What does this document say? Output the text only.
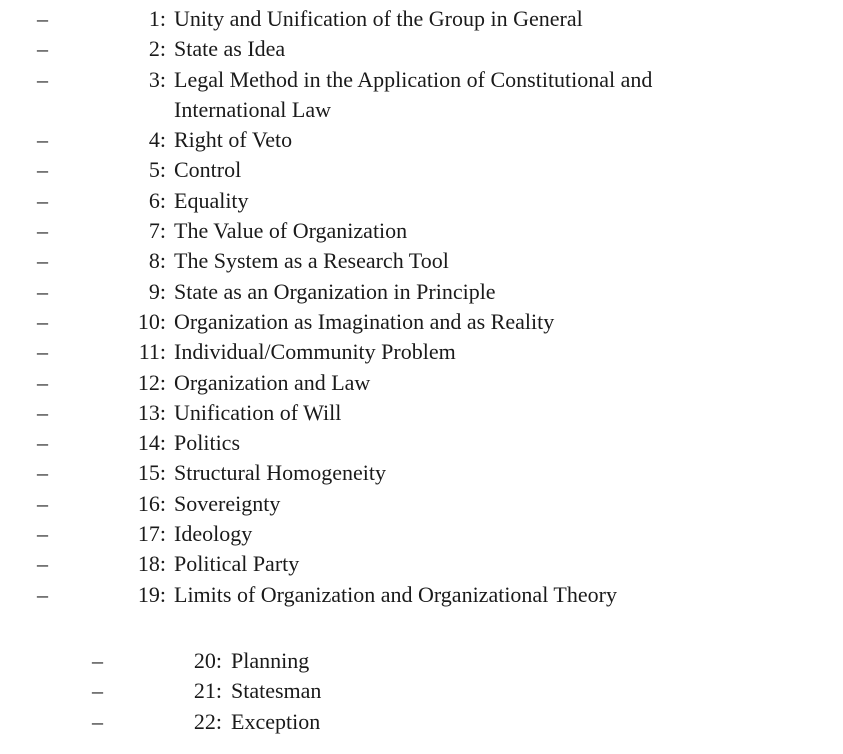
–	1: Unity and Unification of the Group in General
–	2: State as Idea
–	3: Legal Method in the Application of Constitutional and International Law
–	4: Right of Veto
–	5: Control
–	6: Equality
–	7: The Value of Organization
–	8: The System as a Research Tool
–	9: State as an Organization in Principle
–	10: Organization as Imagination and as Reality
–	11: Individual/Community Problem
–	12: Organization and Law
–	13: Unification of Will
–	14: Politics
–	15: Structural Homogeneity
–	16: Sovereignty
–	17: Ideology
–	18: Political Party
–	19: Limits of Organization and Organizational Theory
–	20: Planning
–	21: Statesman
–	22: Exception
